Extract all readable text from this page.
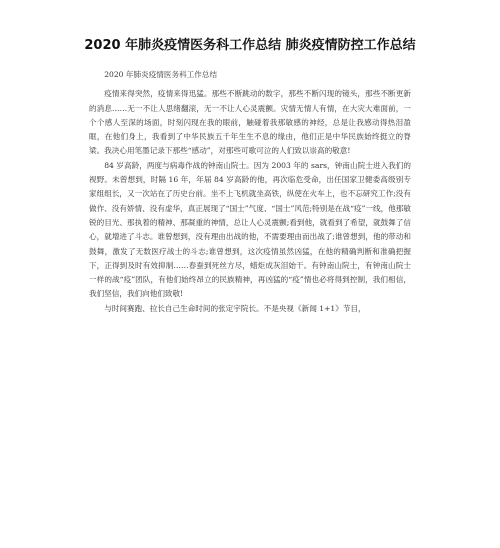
2020 年肺炎疫情医务科工作总结 肺炎疫情防控工作总结

2020 年肺炎疫情医务科工作总结

疫情来得突然，疫情来得迅猛。那些不断跳动的数字，那些不断闪现的镜头，那些不断更新的消息……无一不让人思绪翻滚，无一不让人心灵震颤。灾情无情人有情，在大灾大难面前，一个个感人至深的场面，时刻闪现在我的眼前，触碰着我那敏感的神经，总是让我感动得热泪盈眶，在他们身上，我看到了中华民族五千年生生不息的缘由，他们正是中华民族始终挺立的脊梁。我决心用笔墨记录下那些“感动”，对那些可歌可泣的人们致以崇高的敬意!

84 岁高龄，两度与病毒作战的钟南山院士。因为 2003 年的 sars，钟南山院士进入我们的视野。未曾想到，时隔 16 年，年届 84 岁高龄的他，再次临危受命，出任国家卫健委高级别专家组组长，又一次站在了历史台前。坐不上飞机就坐高铁，纵使在火车上，也不忘研究工作;没有做作、没有娇情、没有虚华，真正展现了“国士”气度、“国士”风范;特别是在战“疫”一线，他那敏锐的目光、那执着的精神、那凝重的神情，总让人心灵震颤;看到他，就看到了希望，就鼓舞了信心，就增进了斗志。谁曾想到，没有理由出战的他，不需要理由而出战了;谁曾想到，他的带动和鼓舞，激发了无数医疗战士的斗志;谁曾想到，这次疫情虽然凶猛，在他的精确判断和准确把握下，正得到及时有效抑制……春蚕到死丝方尽，蜡炬成灰泪始干。有钟南山院士，有钟南山院士一样的战“疫”团队，有他们始终昂立的民族精神，再凶猛的“疫”情也必将得到控制，我们相信，我们坚信，我们向他们致敬!

与时间赛跑、拉长自己生命时间的张定宇院长。不是央视《新闻 1+1》节目，
